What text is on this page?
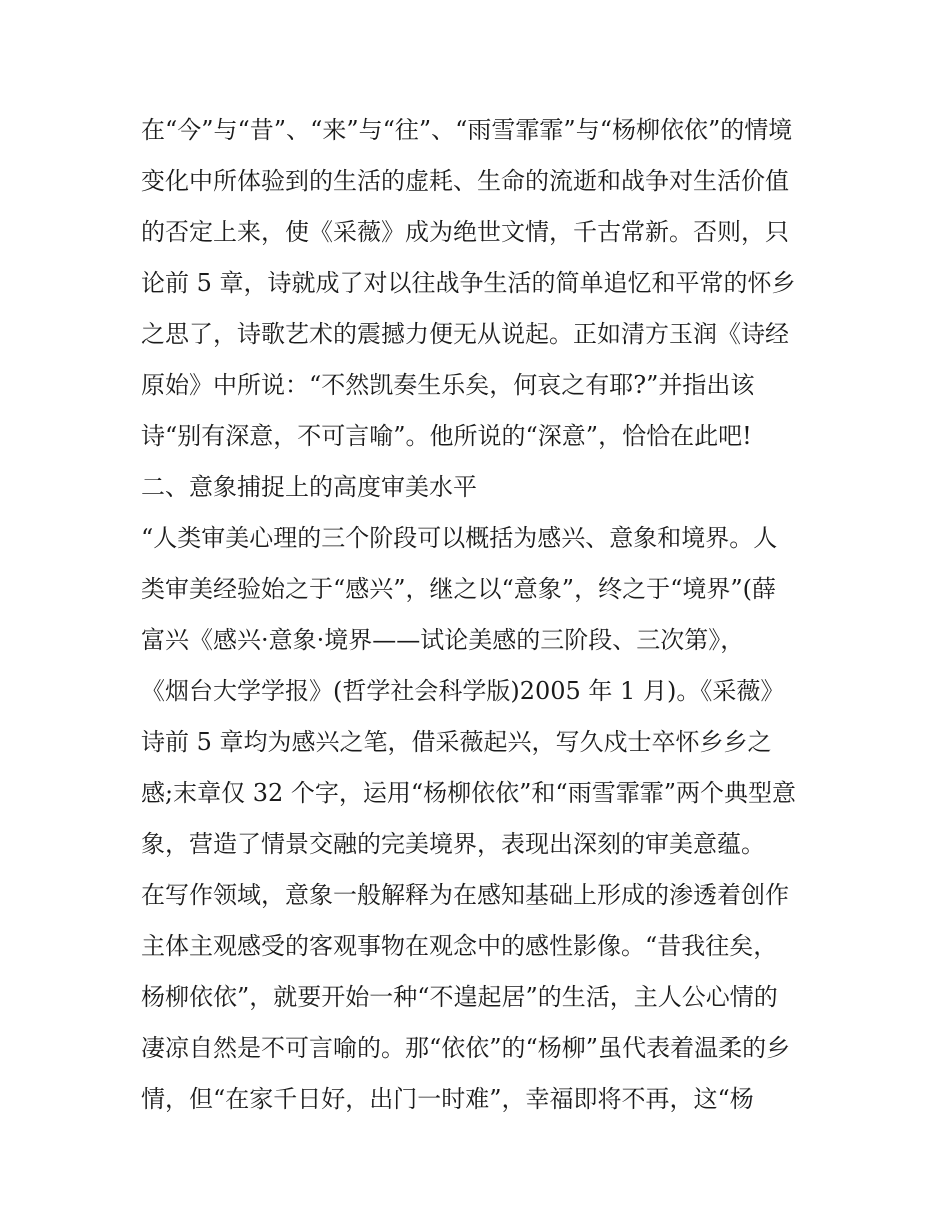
在“今”与“昔”、“来”与“往”、“雨雪霏霏”与“杨柳依依”的情境
变化中所体验到的生活的虚耗、生命的流逝和战争对生活价值
的否定上来，使《采薇》成为绝世文情，千古常新。否则，只
论前 5 章，诗就成了对以往战争生活的简单追忆和平常的怀乡
之思了，诗歌艺术的震撼力便无从说起。正如清方玉润《诗经
原始》中所说：“不然凯奏生乐矣，何哀之有耶?”并指出该
诗“别有深意，不可言喻”。他所说的“深意”，恰恰在此吧!
二、意象捕捉上的高度审美水平
“人类审美心理的三个阶段可以概括为感兴、意象和境界。人
类审美经验始之于“感兴”，继之以“意象”，终之于“境界”(薛
富兴《感兴·意象·境界——试论美感的三阶段、三次第》，
《烟台大学学报》(哲学社会科学版)2005 年 1 月)。《采薇》
诗前 5 章均为感兴之笔，借采薇起兴，写久戍士卒怀乡乡之
感;末章仅 32 个字，运用“杨柳依依”和“雨雪霏霏”两个典型意
象，营造了情景交融的完美境界，表现出深刻的审美意蕴。
在写作领域，意象一般解释为在感知基础上形成的渗透着创作
主体主观感受的客观事物在观念中的感性影像。“昔我往矣，
杨柳依依”，就要开始一种“不遑起居”的生活，主人公心情的
凄凉自然是不可言喻的。那“依依”的“杨柳”虽代表着温柔的乡
情，但“在家千日好，出门一时难”，幸福即将不再，这“杨
